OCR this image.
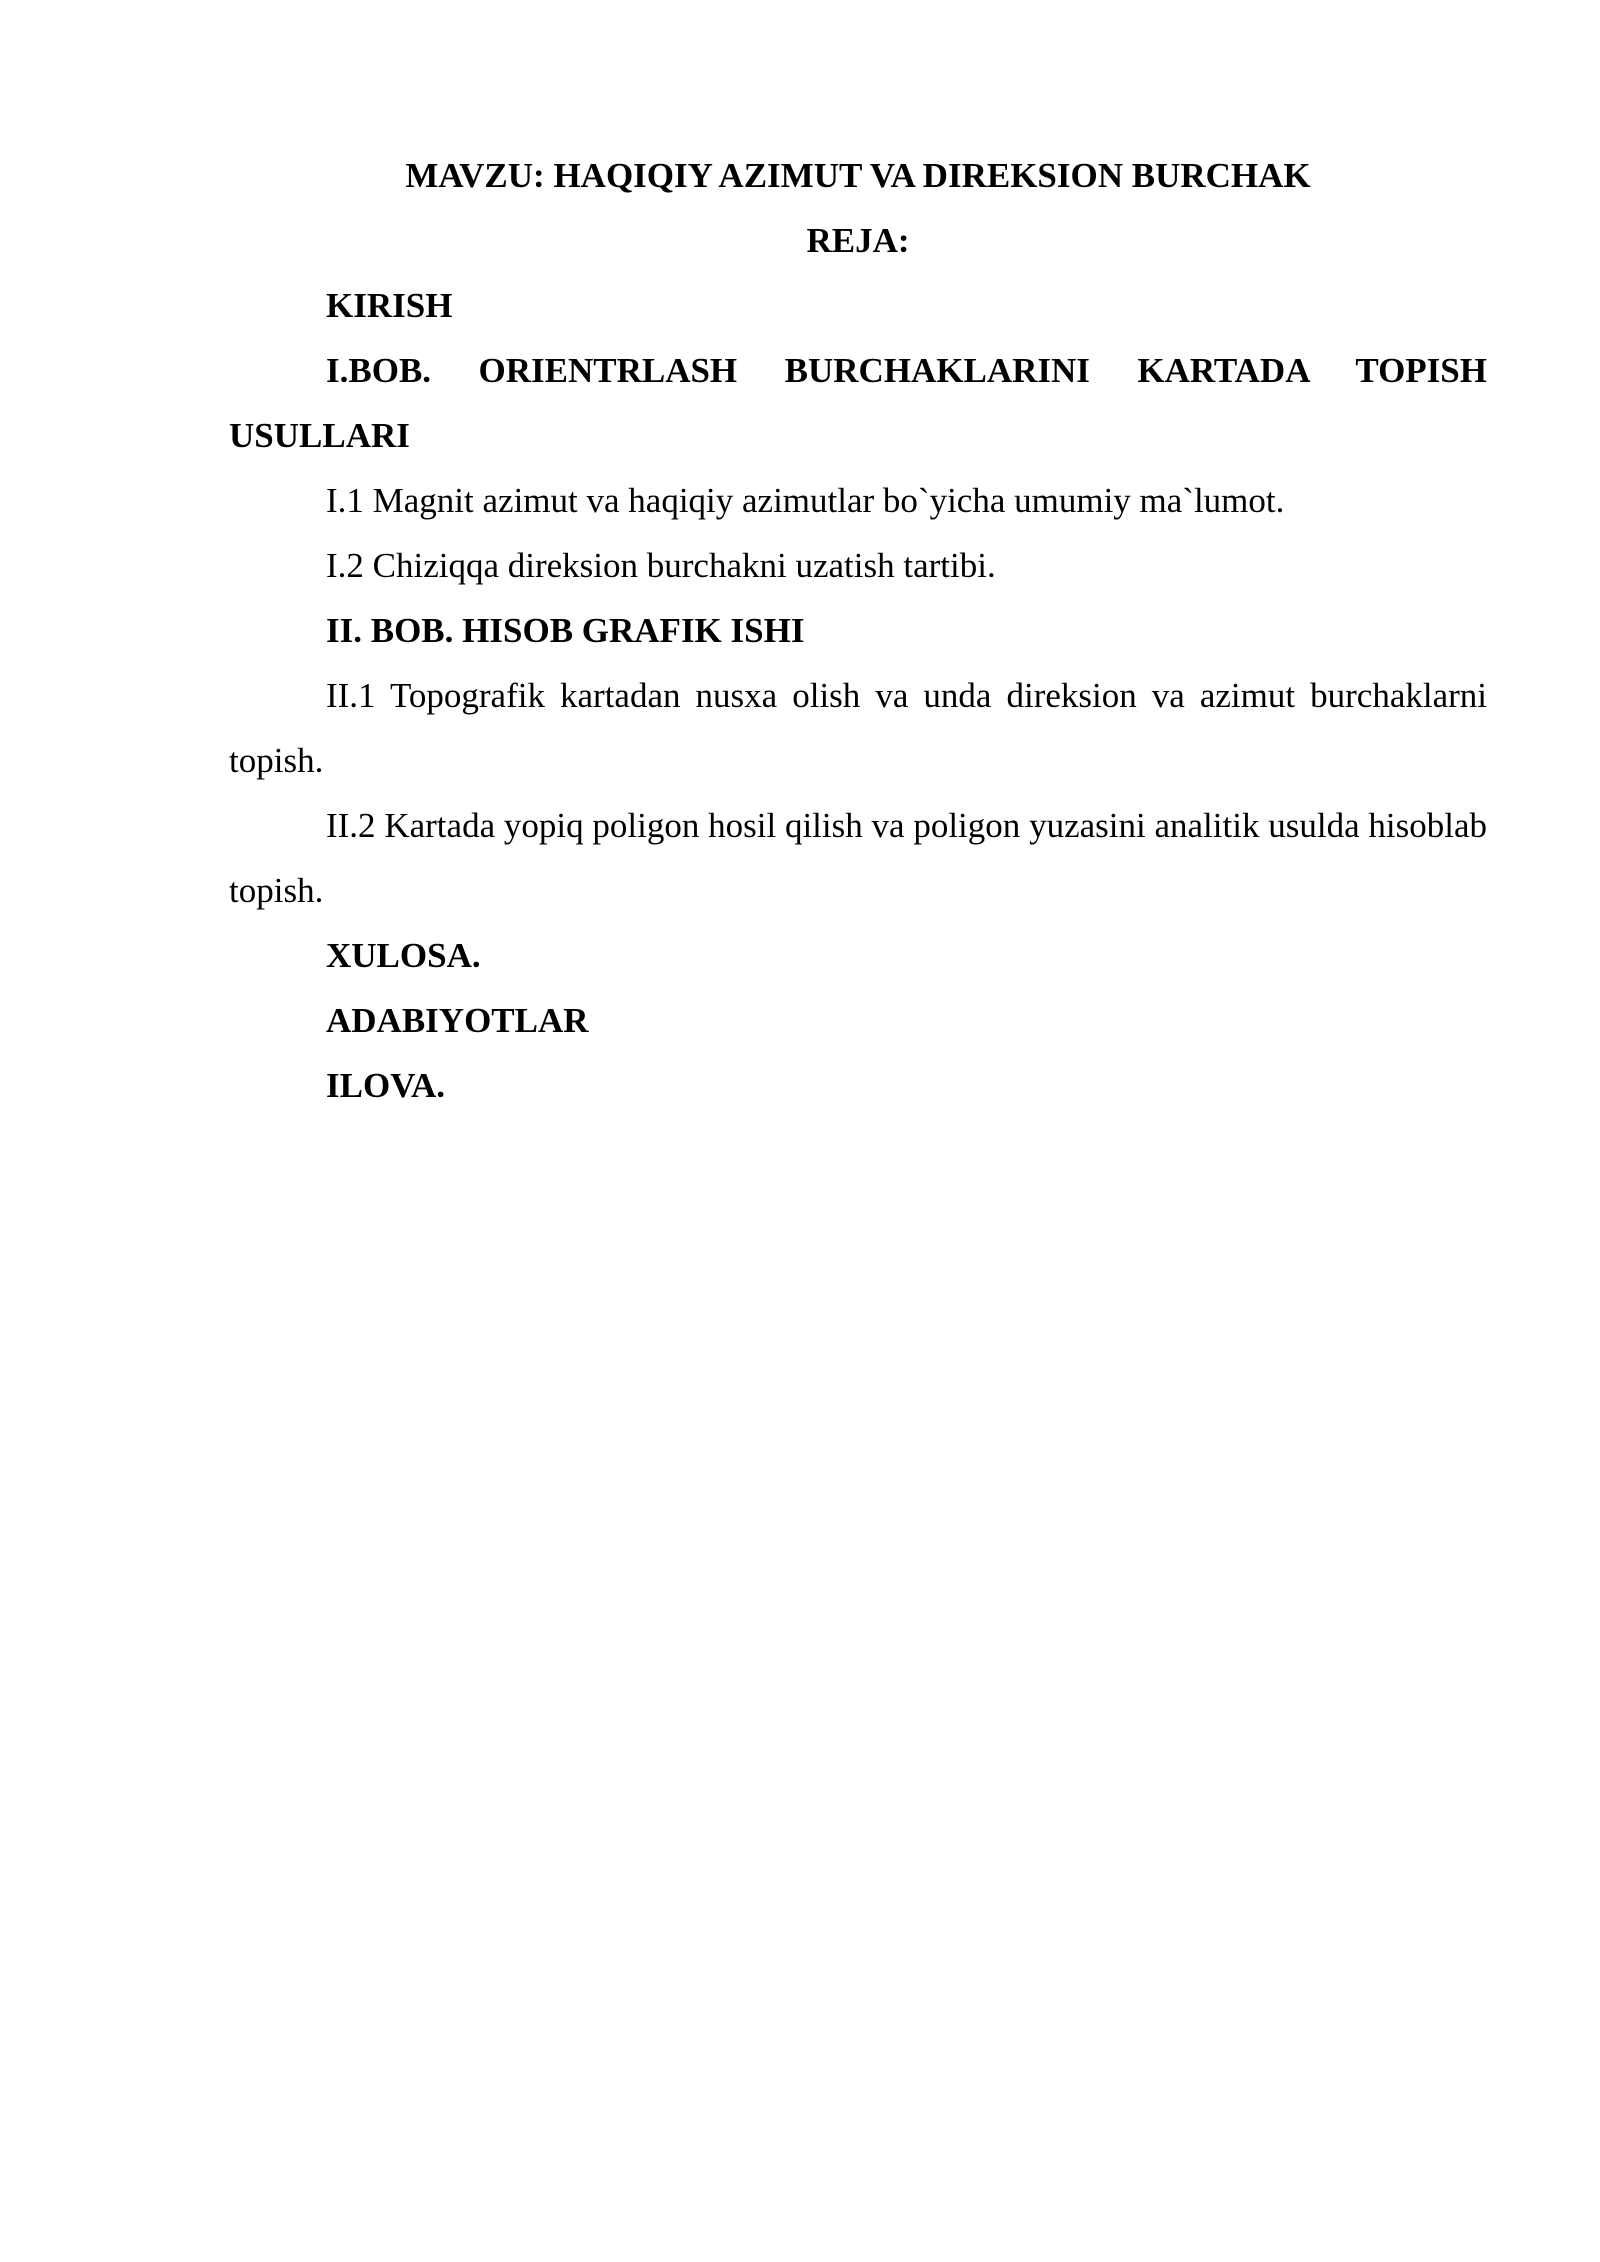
MAVZU: HAQIQIY AZIMUT VA DIREKSION BURCHAK

REJA:

KIRISH

I.BOB. ORIENTRLASH BURCHAKLARINI KARTADA TOPISH USULLARI

I.1 Magnit azimut va haqiqiy azimutlar bo`yicha umumiy ma`lumot.

I.2 Chiziqqa direksion burchakni uzatish tartibi.

II. BOB. HISOB GRAFIK ISHI

II.1 Topografik kartadan nusxa olish va unda direksion va azimut burchaklarni topish.

II.2 Kartada yopiq poligon hosil qilish va poligon yuzasini analitik usulda hisoblab topish.

XULOSA.

ADABIYOTLAR

ILOVA.
